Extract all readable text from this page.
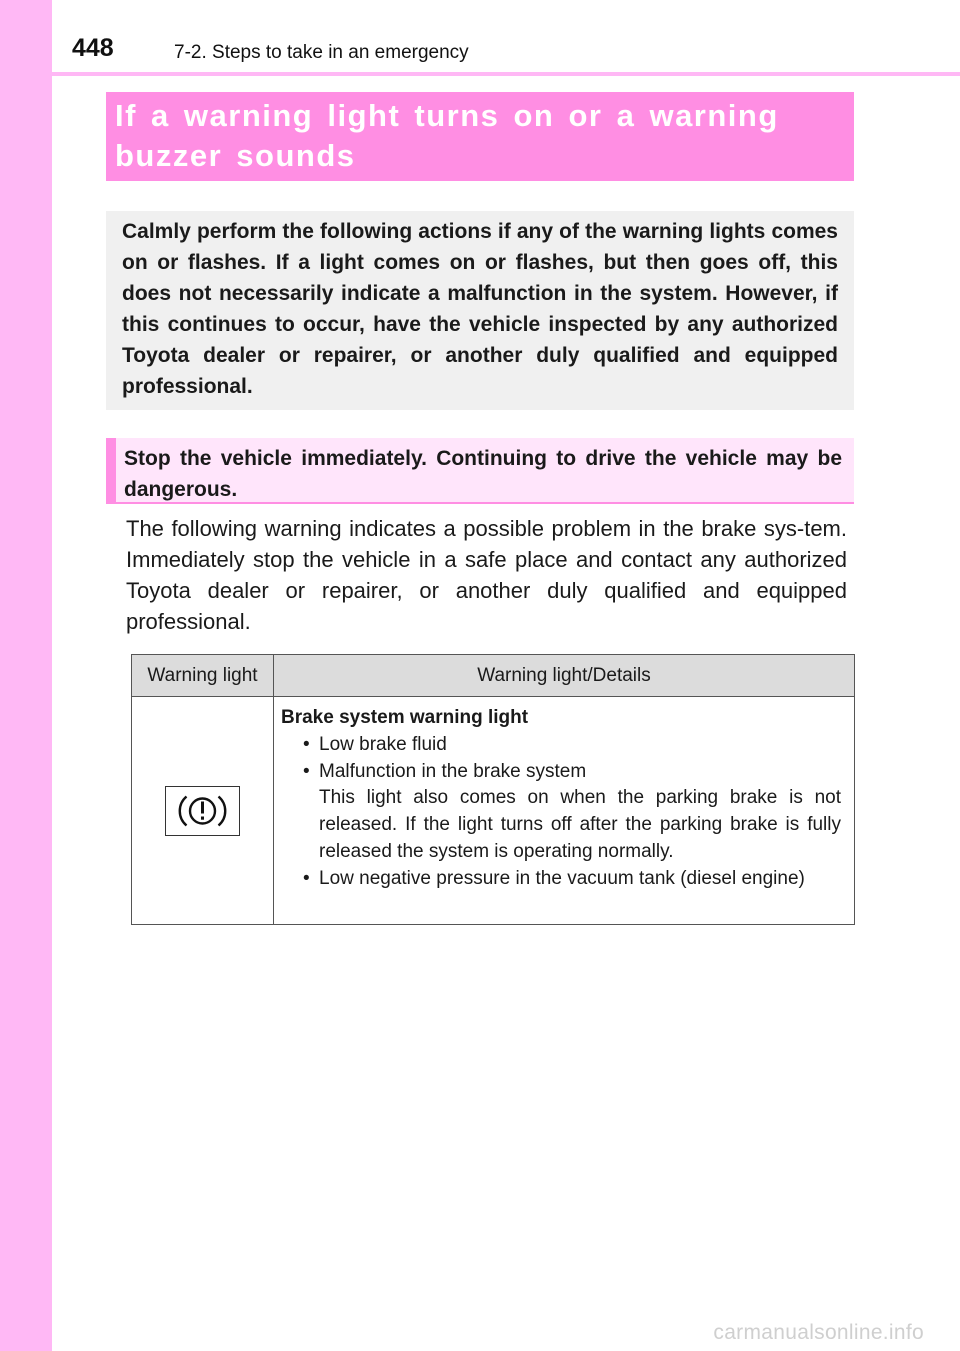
448	7-2. Steps to take in an emergency
If a warning light turns on or a warning
buzzer sounds
Calmly perform the following actions if any of the warning lights comes on or flashes. If a light comes on or flashes, but then goes off, this does not necessarily indicate a malfunction in the system. However, if this continues to occur, have the vehicle inspected by any authorized Toyota dealer or repairer, or another duly qualified and equipped professional.
Stop the vehicle immediately. Continuing to drive the vehicle may be dangerous.
The following warning indicates a possible problem in the brake sys-tem. Immediately stop the vehicle in a safe place and contact any authorized Toyota dealer or repairer, or another duly qualified and equipped professional.
Warning light	Warning light/Details

Brake system warning light
• Low brake fluid
• Malfunction in the brake system
This light also comes on when the parking brake is not released. If the light turns off after the parking brake is fully released the system is operating normally.
• Low negative pressure in the vacuum tank (diesel engine)
carmanualsonline.info
